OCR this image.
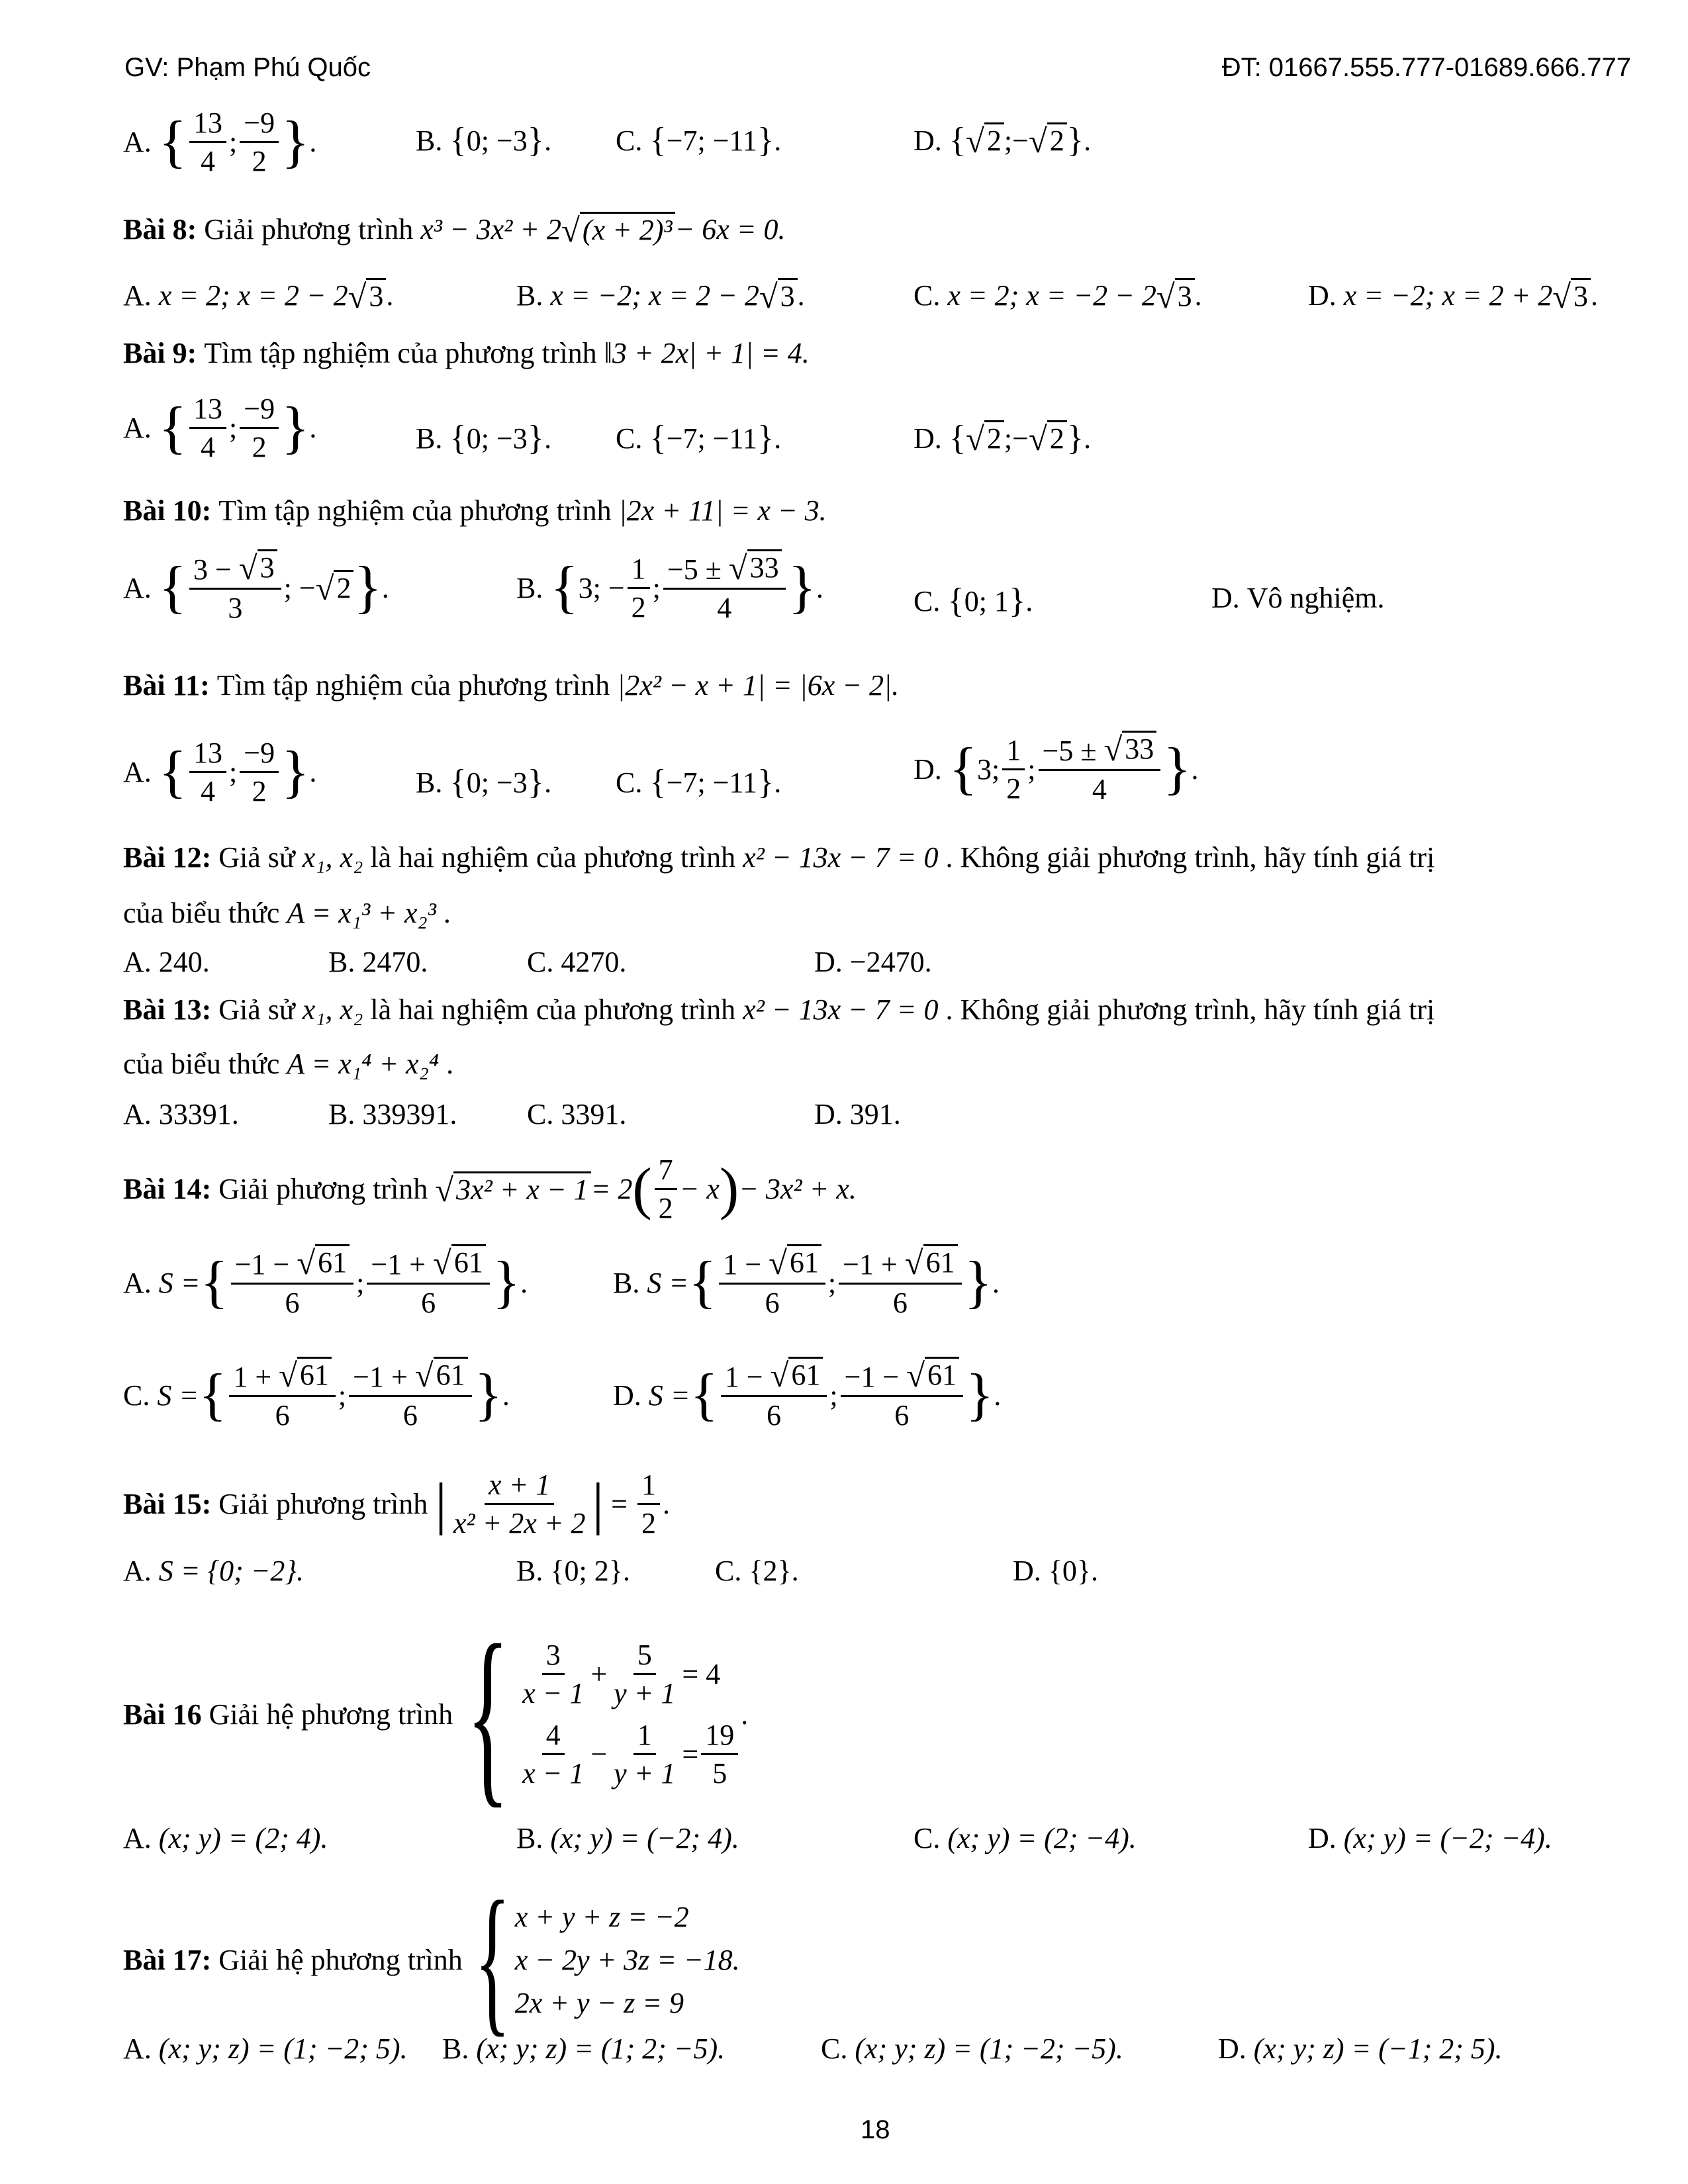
GV: Phạm Phú Quốc	ĐT: 01667.555.777-01689.666.777
A.
{ $\frac{13}{4}$ ; $\frac{-9}{2}$ } .	B.
{ 0; −3 } . C.
{ −7; −11 } .	D.
{ √ 2 ;− √ 2 } .
Bài 8:
Giải phương trình
x³ − 3x² + 2 √ (x + 2)³ − 6x = 0.
A.
x = 2; x = 2 − 2 √ 3 .	B.
x = −2; x = 2 − 2 √ 3 .	C.
x = 2; x = −2 − 2 √ 3 .	D.
x = −2; x = 2 + 2 √ 3 .
Bài 9:
Tìm tập nghiệm của phương trình
‖3 + 2x| + 1| = 4.
A.
{ $\frac{13}{4}$ ; $\frac{-9}{2}$ } .	B.
{ 0; −3 } . C.
{ −7; −11 } .	D.
{ √ 2 ;− √ 2 } .
Bài 10:
Tìm tập nghiệm của phương trình
|2x + 11| = x − 3.
A.
{ $\frac{3 - √ 3}{3}$ ; − √ 2 } .	B.
{ 3; − $\frac{1}{2}$ ; $\frac{-5 \pm √ 33}{4}$ } .	C.
{ 0; 1 } .	D.
Vô nghiệm.
Bài 11:
Tìm tập nghiệm của phương trình
|2x² − x + 1| = |6x − 2|.
A.
{ $\frac{13}{4}$ ; $\frac{-9}{2}$ } .	B.
{ 0; −3 } . C.
{ −7; −11 } .	D.
{ 3; $\frac{1}{2}$ ; $\frac{-5 \pm √ 33}{4}$ } .
Bài 12:
Giả sử
x₁, x₂
là hai nghiệm của phương trình
x² − 13x − 7 = 0
. Không giải phương trình, hãy tính giá trị
của biểu thức
A = x₁³ + x₂³
.
A.
240.	B.
2470.	C.
4270.	D.
−2470.
Bài 13:
Giả sử
x₁, x₂
là hai nghiệm của phương trình
x² − 13x − 7 = 0
. Không giải phương trình, hãy tính giá trị
của biểu thức
A = x₁⁴ + x₂⁴
.
A.
33391.	B.
339391. C.
3391.	D.
391.
Bài 14:
Giải phương trình
√ 3x² + x − 1 = 2 ( $\frac{7}{2} - x$ ) − 3x² + x.
A.
S = { $\frac{-1 - √ 61}{6}$ ; $\frac{-1 + √ 61}{6}$ } .	B.
S = { $\frac{1 - √ 61}{6}$ ; $\frac{-1 + √ 61}{6}$ } .
C.
S = { $\frac{1 + √ 61}{6}$ ; $\frac{-1 + √ 61}{6}$ } .	D.
S = { $\frac{1 - √ 61}{6}$ ; $\frac{-1 - √ 61}{6}$ } .
Bài 15:
Giải phương trình
| $\frac{x + 1}{\text{x² + 2x + 2}}$ | = $\frac{1}{2}$ .
A.
S = {0; −2}.	B.
{0; 2}.	C.
{2}.	D.
{0}.
Bài 16
Giải hệ phương trình
{ $\frac{3}{x - 1} + \frac{5}{y + 1} = 4$
$\frac{4}{x - 1} - \frac{1}{y + 1} = \frac{19}{5}$
.
A.
(x; y) = (2; 4).	B.
(x; y) = (−2; 4).	C.
(x; y) = (2; −4).	D.
(x; y) = (−2; −4).
Bài 17:
Giải hệ phương trình
{ x + y + z = −2
x − 2y + 3z = −18.
2x + y − z = 9
A.
(x; y; z) = (1; −2; 5). B.
(x; y; z) = (1; 2; −5).	C.
(x; y; z) = (1; −2; −5).	D.
(x; y; z) = (−1; 2; 5).
18
